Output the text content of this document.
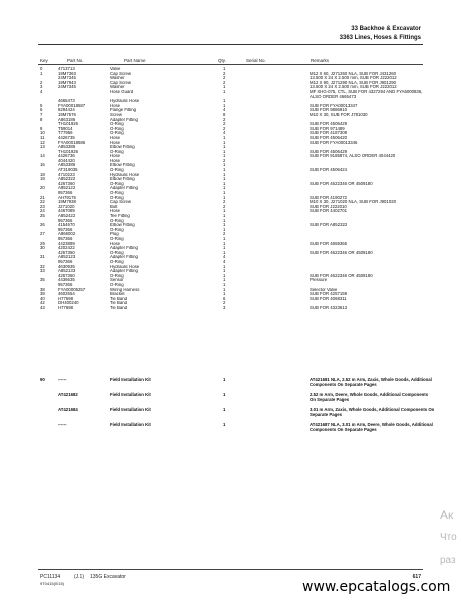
33 Backhoe & Excavator
3363 Lines, Hoses & Fittings
Key	Part No.	Part Name	Qty.	Serial No.	Remarks
0	4713713	Valve	1
1	19M7363	Cap Screw	2	M12 X 60, J271260 NLA, SUB FOR J431260
24M7345	Washer	2	13.500 X 24 X 2.500 mm, SUB FOR J222012
2	19M7943	Cap Screw	2	M12 X 90, J271290 NLA, SUB FOR J901290
3	24M7345	Washer	1	13.500 X 24 X 2.500 mm, SUB FOR J222012
4	Hose Guard	1	MF XHG-075, CTL, SUB FOR 4327294 AND FYA6000836,
ALSO ORDER 4665473
4665473	Hydraulic Hose	1
5	FYA00018587	Hose	1	SUB FOR FYA00013347
6	8294424	Flange Fitting	4	SUB FOR 9886910
7	19M7576	Screw	8	M10 X 30, SUB FOR J781030
8	A863186	Adapter Fitting	2
TH101926	O-Ring	2	SUB FOR 4506429
9	T59014	O-Ring	2	SUB FOR 971489
10	T77956	O-Ring	4	SUB FOR 4187308
11	4426735	Hose	1	SUB FOR 4506420
12	FYA00018586	Hose	1	SUB FOR FYA00013346
13	A853386	Elbow Fitting	1
TH101926	O-Ring	1	SUB FOR 4506429
14	4426736	Hose	1	SUB FOR 9185874, ALSO ORDER 4044420
4044420	Hose	2
16	A853386	Elbow Fitting	1
AT319035	O-Ring	1	SUB FOR 4506424
18	4710223	Hydraulic Hose	1
19	A852322	Elbow Fitting	1
4267360	O-Ring	1	SUB FOR 4622346 OR 4509180
20	A852122	Adapter Fitting	1
957366	O-Ring	1
21	AH79175	O-Ring	1	SUB FOR 4190272
22	19M7938	Cap Screw	2	M10 X 30, J271020 NLA, SUB FOR J901020
23	J271020	Bolt	2	SUB FOR J222010
24	4467089	Hose	1	SUB FOR 4402701
25	A852422	Tee Fitting	1
957366	O-Ring	1
26	4154670	Elbow Fitting	1	SUB FOR A852322
957366	O-Ring	1
27	A866002	Plug	2
957366	O-Ring	1
29	4423889	Hose	1	SUB FOR 4659365
30	4202422	Adapter Fitting	1
4267360	O-Ring	1	SUB FOR 4622346 OR 4509180
31	A852123	Adapter Fitting	4
957366	O-Ring	4
32	4630935	Hydraulic Hose	1
33	A852133	Adapter Fitting	1
4267360	O-Ring	1	SUB FOR 4622346 OR 4509180
35	4436635	Sensor	1	Pressure
957366	O-Ring	1
38	FYA00005257	Wiring Harness	1	Selector Valve
39	4602654	Bracket	1	SUB FOR 4257159
40	H77698	Tie Band	6	SUB FOR 4068311
42	DH400240	Tie Band	2
43	H77698	Tie Band	3	SUB FOR 4323613
90	------	Field Installation Kit	1	AT421681 NLA, 2.52 m Arm, Zaxis, Whole Goods, Additional Components On Separate Pages
AT421682	Field Installation Kit	1	2.52 m Arm, Deere, Whole Goods, Additional Components On Separate Pages
AT421684	Field Installation Kit	1	3.01 m Arm, Zaxis, Whole Goods, Additional Components On Separate Pages
------	Field Installation Kit	1	AT421687 NLA, 3.01 m Arm, Deere, Whole Goods, Additional Components On Separate Pages
PC11134	(J.1) 135G Excavator
9T0415(0/15)
617
www.epcatalogs.com
Ак
Что
раз
